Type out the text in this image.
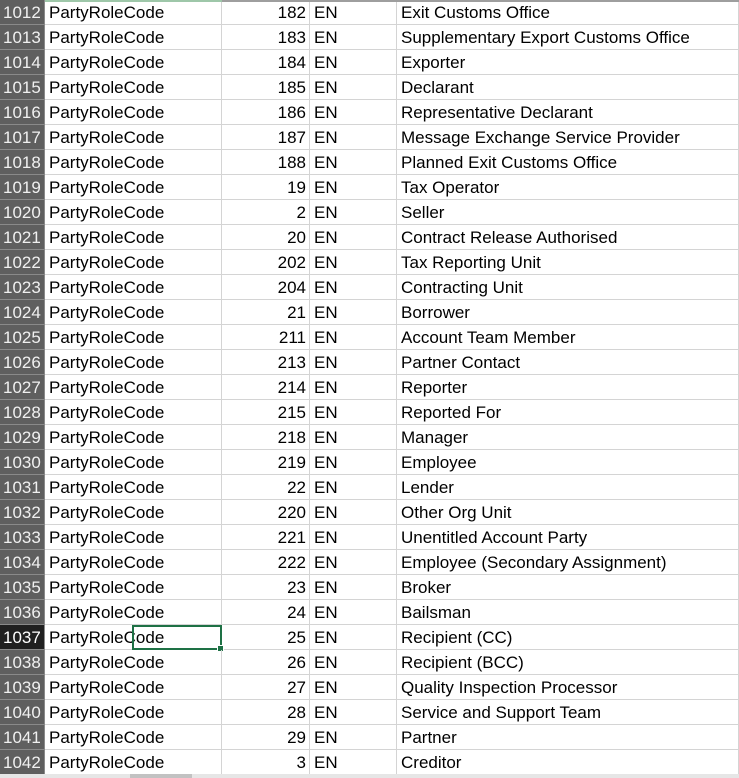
1012 PartyRoleCode	182 EN	Exit Customs Office
1013 PartyRoleCode	183 EN	Supplementary Export Customs Office
1014 PartyRoleCode	184 EN	Exporter
1015 PartyRoleCode	185 EN	Declarant
1016 PartyRoleCode	186 EN	Representative Declarant
1017 PartyRoleCode	187 EN	Message Exchange Service Provider
1018 PartyRoleCode	188 EN	Planned Exit Customs Office
1019 PartyRoleCode	19 EN	Tax Operator
1020 PartyRoleCode	2 EN	Seller
1021 PartyRoleCode	20 EN	Contract Release Authorised
1022 PartyRoleCode	202 EN	Tax Reporting Unit
1023 PartyRoleCode	204 EN	Contracting Unit
1024 PartyRoleCode	21 EN	Borrower
1025 PartyRoleCode	211 EN	Account Team Member
1026 PartyRoleCode	213 EN	Partner Contact
1027 PartyRoleCode	214 EN	Reporter
1028 PartyRoleCode	215 EN	Reported For
1029 PartyRoleCode	218 EN	Manager
1030 PartyRoleCode	219 EN	Employee
1031 PartyRoleCode	22 EN	Lender
1032 PartyRoleCode	220 EN	Other Org Unit
1033 PartyRoleCode	221 EN	Unentitled Account Party
1034 PartyRoleCode	222 EN	Employee (Secondary Assignment)
1035 PartyRoleCode	23 EN	Broker
1036 PartyRoleCode	24 EN	Bailsman
1037 PartyRoleCode	25 EN	Recipient (CC)
1038 PartyRoleCode	26 EN	Recipient (BCC)
1039 PartyRoleCode	27 EN	Quality Inspection Processor
1040 PartyRoleCode	28 EN	Service and Support Team
1041 PartyRoleCode	29 EN	Partner
1042 PartyRoleCode	3 EN	Creditor
